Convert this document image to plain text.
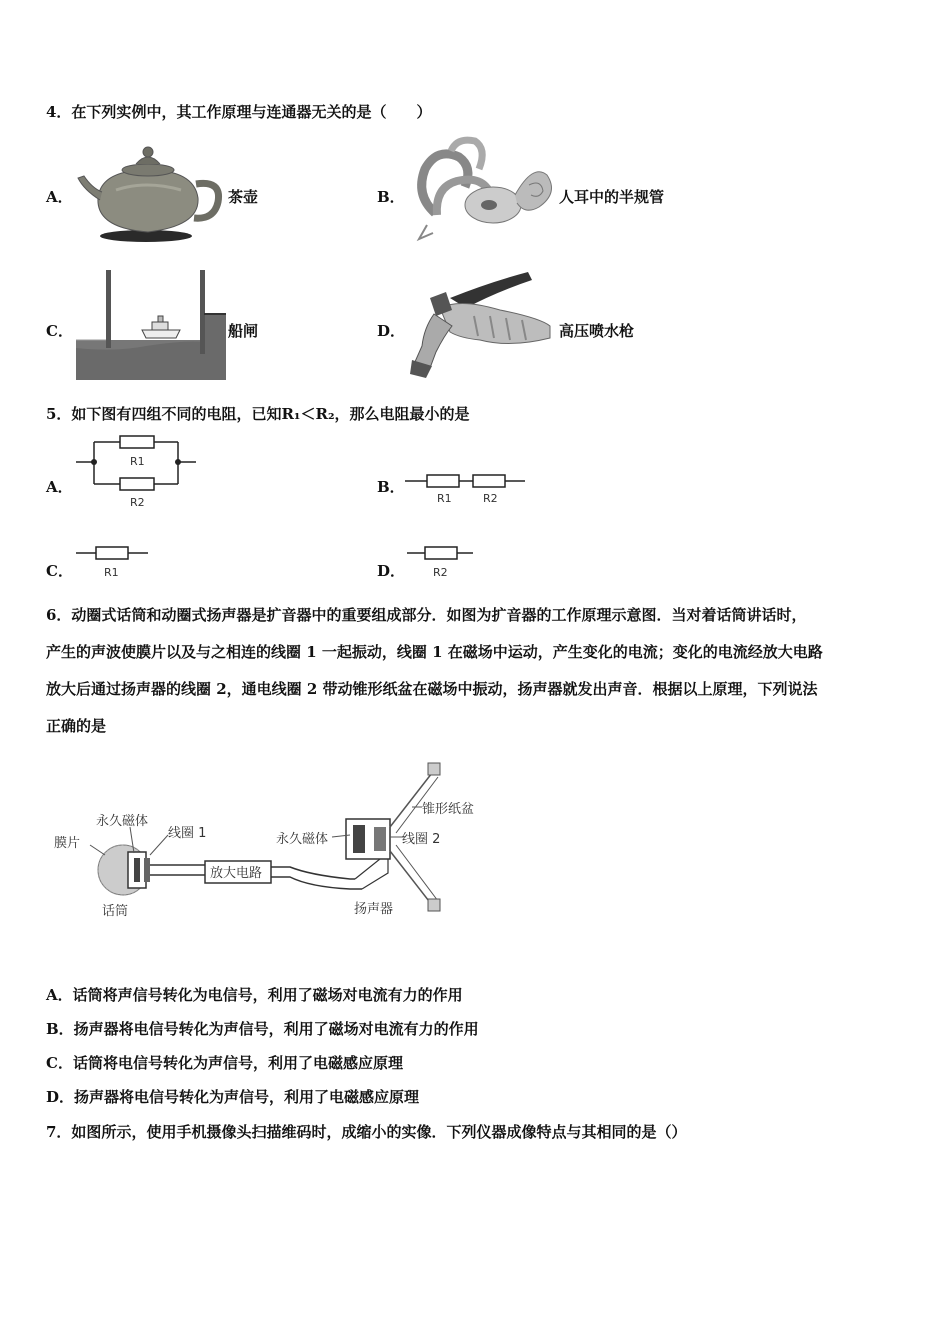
4．在下列实例中，其工作原理与连通器无关的是（　　）
A．	茶壶	B．	人耳中的半规管
C．	船闸	D．	高压喷水枪
5．如下图有四组不同的电阻，已知R₁＜R₂，那么电阻最小的是
A．
R1
R2
B．
R1	R2
C．	R1	D．	R2
6．动圈式话筒和动圈式扬声器是扩音器中的重要组成部分．如图为扩音器的工作原理示意图．当对着话筒讲话时，
产生的声波使膜片以及与之相连的线圈 1 一起振动，线圈 1 在磁场中运动，产生变化的电流；变化的电流经放大电路
放大后通过扬声器的线圈 2，通电线圈 2 带动锥形纸盆在磁场中振动，扬声器就发出声音．根据以上原理，下列说法
正确的是
放大电路
膜片
永久磁体
线圈 1
话筒
永久磁体	线圈 2
锥形纸盆
扬声器
A．话筒将声信号转化为电信号，利用了磁场对电流有力的作用
B．扬声器将电信号转化为声信号，利用了磁场对电流有力的作用
C．话筒将电信号转化为声信号，利用了电磁感应原理
D．扬声器将电信号转化为声信号，利用了电磁感应原理
7．如图所示，使用手机摄像头扫描维码时，成缩小的实像．下列仪器成像特点与其相同的是（）
